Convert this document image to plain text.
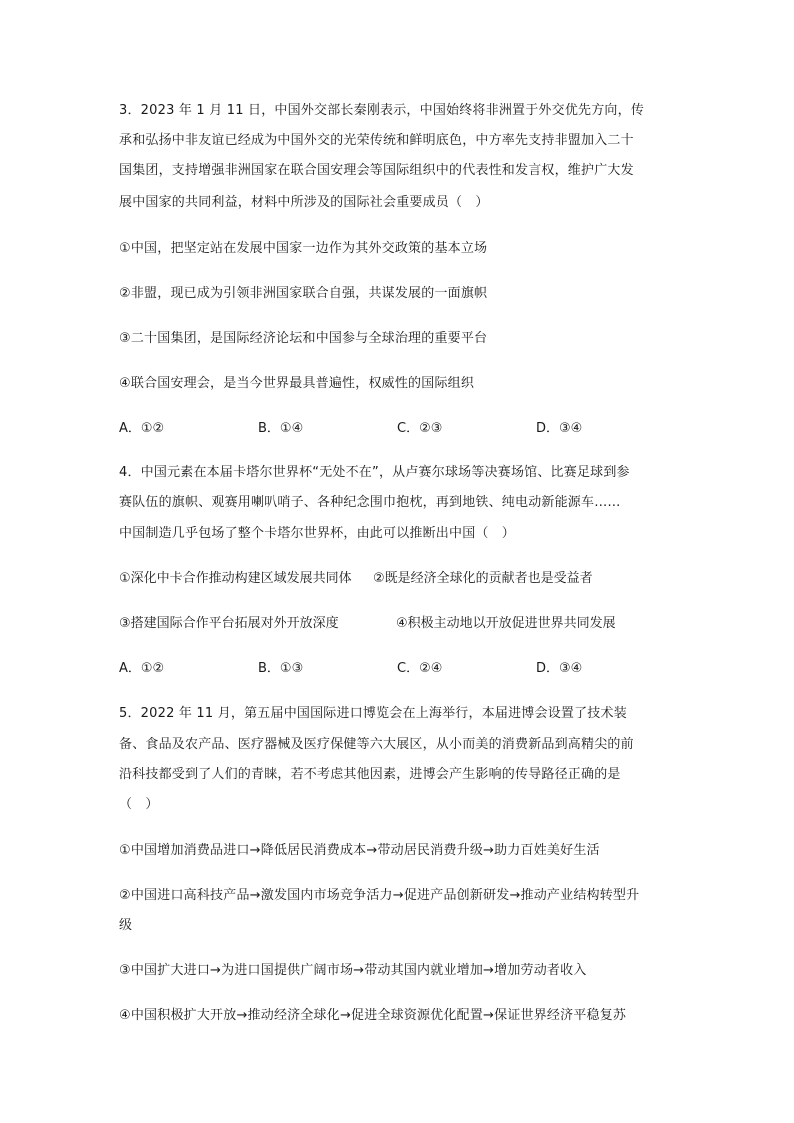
3．2023 年 1 月 11 日，中国外交部长秦刚表示，中国始终将非洲置于外交优先方向，传
承和弘扬中非友谊已经成为中国外交的光荣传统和鲜明底色，中方率先支持非盟加入二十
国集团，支持增强非洲国家在联合国安理会等国际组织中的代表性和发言权，维护广大发
展中国家的共同利益，材料中所涉及的国际社会重要成员（　）
①中国，把坚定站在发展中国家一边作为其外交政策的基本立场
②非盟，现已成为引领非洲国家联合自强，共谋发展的一面旗帜
③二十国集团，是国际经济论坛和中国参与全球治理的重要平台
④联合国安理会，是当今世界最具普遍性，权威性的国际组织
A．①②	B．①④	C．②③	D．③④
4．中国元素在本届卡塔尔世界杯“无处不在”，从卢赛尔球场等决赛场馆、比赛足球到参
赛队伍的旗帜、观赛用喇叭哨子、各种纪念围巾抱枕，再到地铁、纯电动新能源车……
中国制造几乎包场了整个卡塔尔世界杯，由此可以推断出中国（　）
①深化中卡合作推动构建区域发展共同体 ②既是经济全球化的贡献者也是受益者
③搭建国际合作平台拓展对外开放深度	④积极主动地以开放促进世界共同发展
A．①②	B．①③	C．②④	D．③④
5．2022 年 11 月，第五届中国国际进口博览会在上海举行，本届进博会设置了技术装
备、食品及农产品、医疗器械及医疗保健等六大展区，从小而美的消费新品到高精尖的前
沿科技都受到了人们的青睐，若不考虑其他因素，进博会产生影响的传导路径正确的是
（　）
①中国增加消费品进口→降低居民消费成本→带动居民消费升级→助力百姓美好生活
②中国进口高科技产品→激发国内市场竞争活力→促进产品创新研发→推动产业结构转型升
级
③中国扩大进口→为进口国提供广阔市场→带动其国内就业增加→增加劳动者收入
④中国积极扩大开放→推动经济全球化→促进全球资源优化配置→保证世界经济平稳复苏
